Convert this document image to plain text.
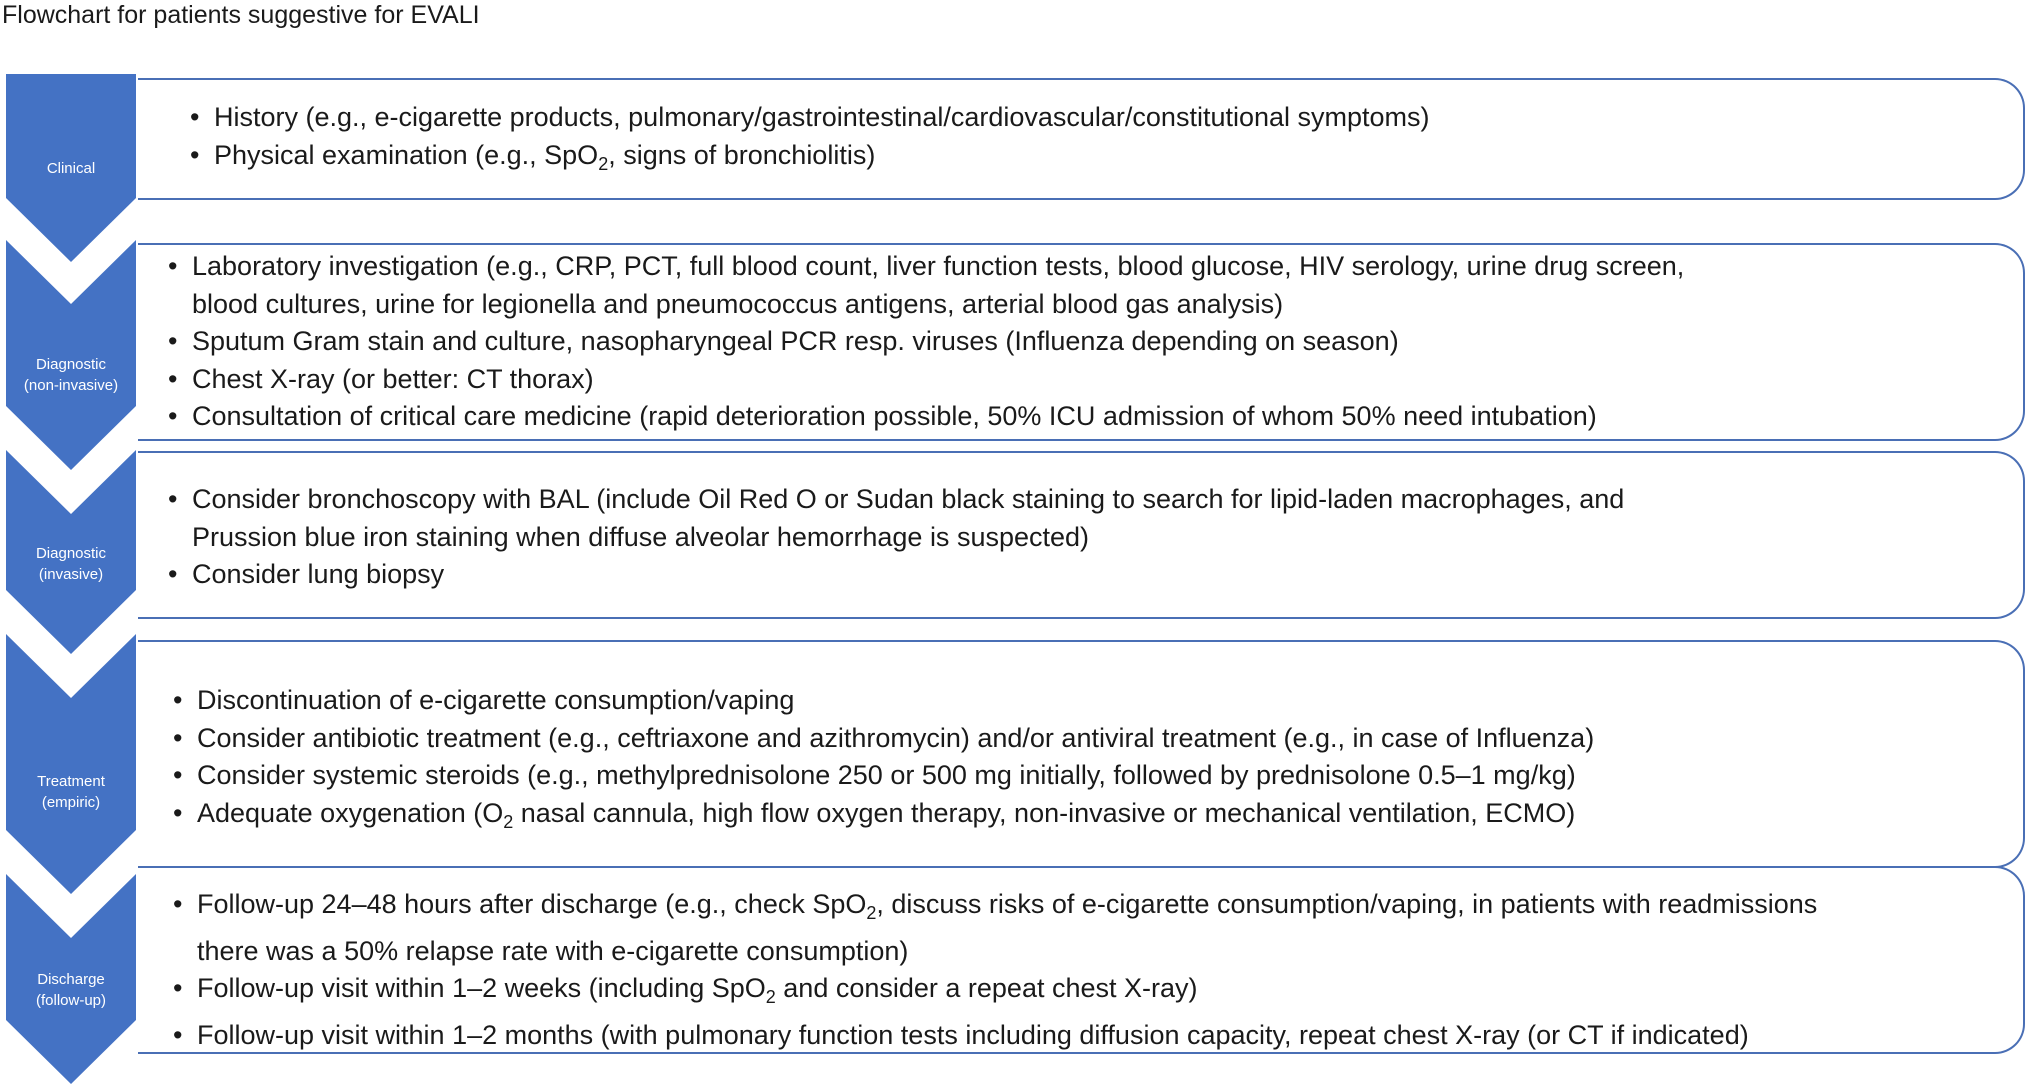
Flowchart for patients suggestive for EVALI
Clinical
Diagnostic
(non-invasive)
Diagnostic
(invasive)
Treatment
(empiric)
Discharge
(follow-up)
• History (e.g., e-cigarette products, pulmonary/gastrointestinal/cardiovascular/constitutional symptoms)
• Physical examination (e.g., SpO$_2$, signs of bronchiolitis)
• Laboratory investigation (e.g., CRP, PCT, full blood count, liver function tests, blood glucose, HIV serology, urine drug screen,
blood cultures, urine for legionella and pneumococcus antigens, arterial blood gas analysis)
• Sputum Gram stain and culture, nasopharyngeal PCR resp. viruses (Influenza depending on season)
• Chest X-ray (or better: CT thorax)
• Consultation of critical care medicine (rapid deterioration possible, 50% ICU admission of whom 50% need intubation)
• Consider bronchoscopy with BAL (include Oil Red O or Sudan black staining to search for lipid-laden macrophages, and
Prussion blue iron staining when diffuse alveolar hemorrhage is suspected)
• Consider lung biopsy
• Discontinuation of e-cigarette consumption/vaping
• Consider antibiotic treatment (e.g., ceftriaxone and azithromycin) and/or antiviral treatment (e.g., in case of Influenza)
• Consider systemic steroids (e.g., methylprednisolone 250 or 500 mg initially, followed by prednisolone 0.5–1 mg/kg)
• Adequate oxygenation ($O_2$ nasal cannula, high flow oxygen therapy, non-invasive or mechanical ventilation, ECMO)
• Follow-up 24–48 hours after discharge (e.g., check SpO$_2$, discuss risks of e-cigarette consumption/vaping, in patients with readmissions
there was a 50% relapse rate with e-cigarette consumption)
• Follow-up visit within 1–2 weeks (including SpO$_2$ and consider a repeat chest X-ray)
• Follow-up visit within 1–2 months (with pulmonary function tests including diffusion capacity, repeat chest X-ray (or CT if indicated)
